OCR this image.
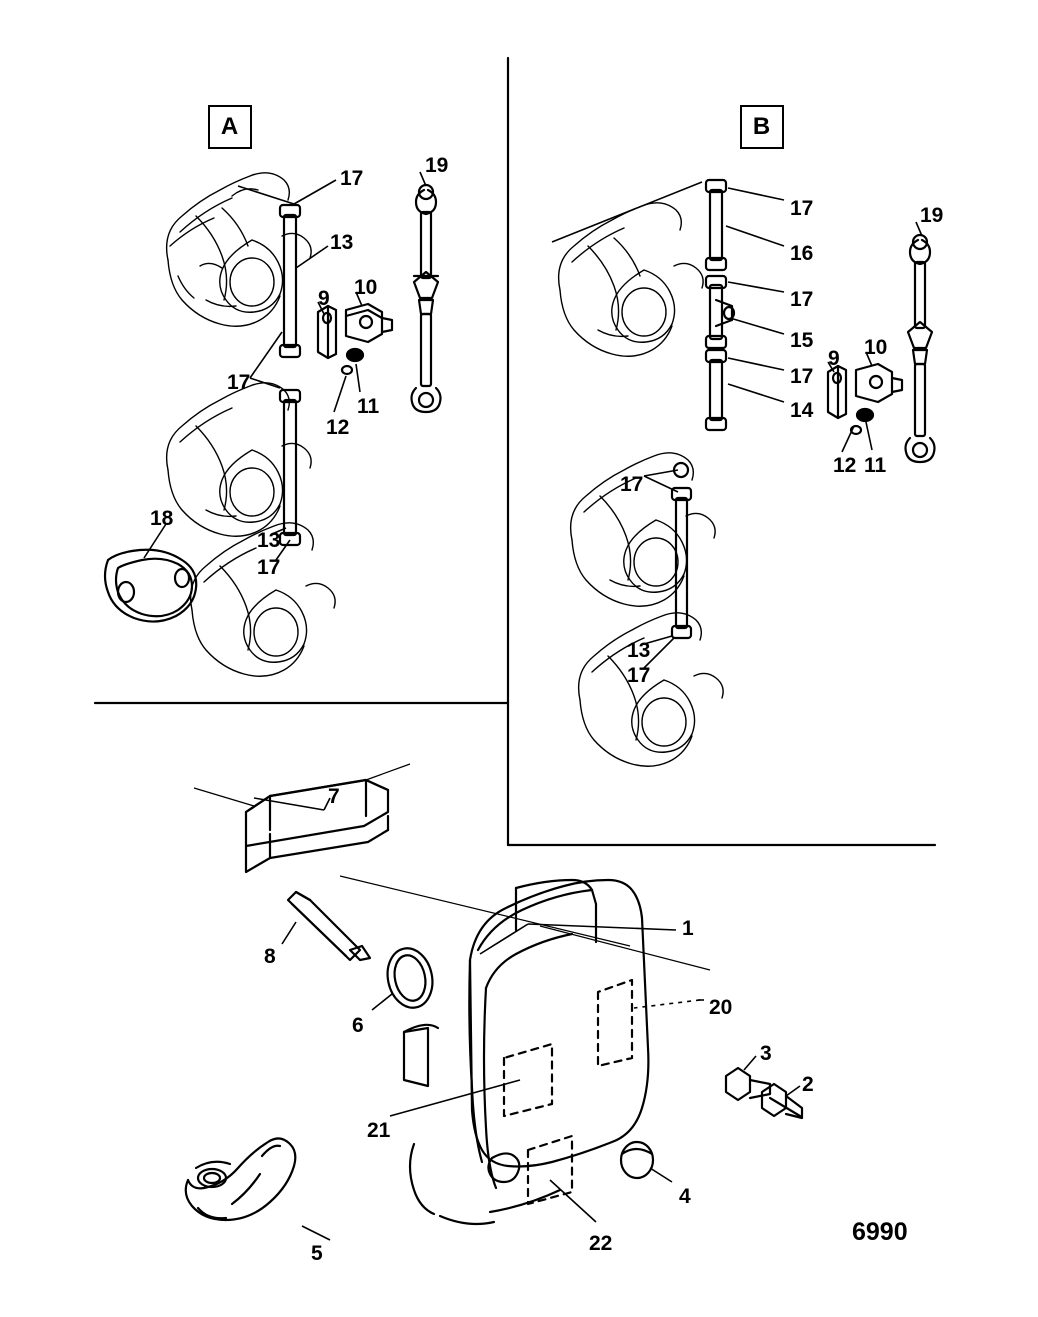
A	B
17
19
13
9 10
17
11
12
18
13
17
17
16
19
17
15
9 10
17
14
12 11
17
13
17
7
8
1
20
6
3
2
21
4
5	22	6990
